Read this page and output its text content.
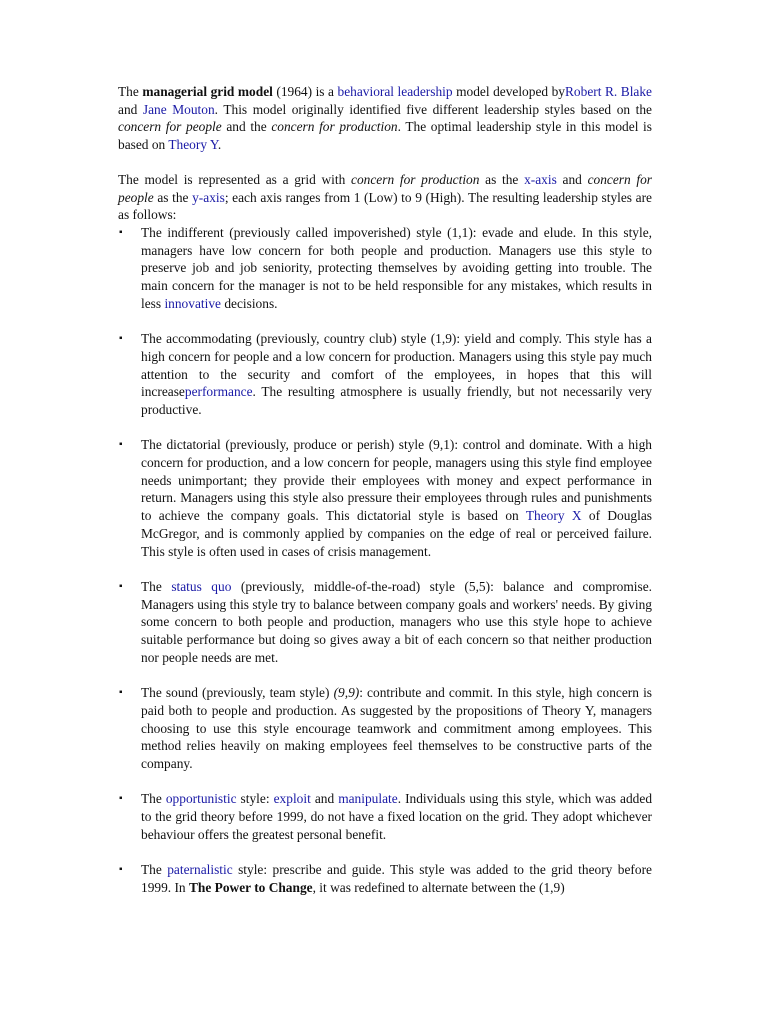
The managerial grid model (1964) is a behavioral leadership model developed byRobert R. Blake and Jane Mouton. This model originally identified five different leadership styles based on the concern for people and the concern for production. The optimal leadership style in this model is based on Theory Y.

The model is represented as a grid with concern for production as the x-axis and concern for people as the y-axis; each axis ranges from 1 (Low) to 9 (High). The resulting leadership styles are as follows:

▪ The indifferent (previously called impoverished) style (1,1): evade and elude. In this style, managers have low concern for both people and production. Managers use this style to preserve job and job seniority, protecting themselves by avoiding getting into trouble. The main concern for the manager is not to be held responsible for any mistakes, which results in less innovative decisions.
▪ The accommodating (previously, country club) style (1,9): yield and comply. This style has a high concern for people and a low concern for production. Managers using this style pay much attention to the security and comfort of the employees, in hopes that this will increaseperformance. The resulting atmosphere is usually friendly, but not necessarily very productive.
▪ The dictatorial (previously, produce or perish) style (9,1): control and dominate. With a high concern for production, and a low concern for people, managers using this style find employee needs unimportant; they provide their employees with money and expect performance in return. Managers using this style also pressure their employees through rules and punishments to achieve the company goals. This dictatorial style is based on Theory X of Douglas McGregor, and is commonly applied by companies on the edge of real or perceived failure. This style is often used in cases of crisis management.
▪ The status quo (previously, middle-of-the-road) style (5,5): balance and compromise. Managers using this style try to balance between company goals and workers' needs. By giving some concern to both people and production, managers who use this style hope to achieve suitable performance but doing so gives away a bit of each concern so that neither production nor people needs are met.
▪ The sound (previously, team style) (9,9): contribute and commit. In this style, high concern is paid both to people and production. As suggested by the propositions of Theory Y, managers choosing to use this style encourage teamwork and commitment among employees. This method relies heavily on making employees feel themselves to be constructive parts of the company.
▪ The opportunistic style: exploit and manipulate. Individuals using this style, which was added to the grid theory before 1999, do not have a fixed location on the grid. They adopt whichever behaviour offers the greatest personal benefit.
▪ The paternalistic style: prescribe and guide. This style was added to the grid theory before 1999. In The Power to Change, it was redefined to alternate between the (1,9)
